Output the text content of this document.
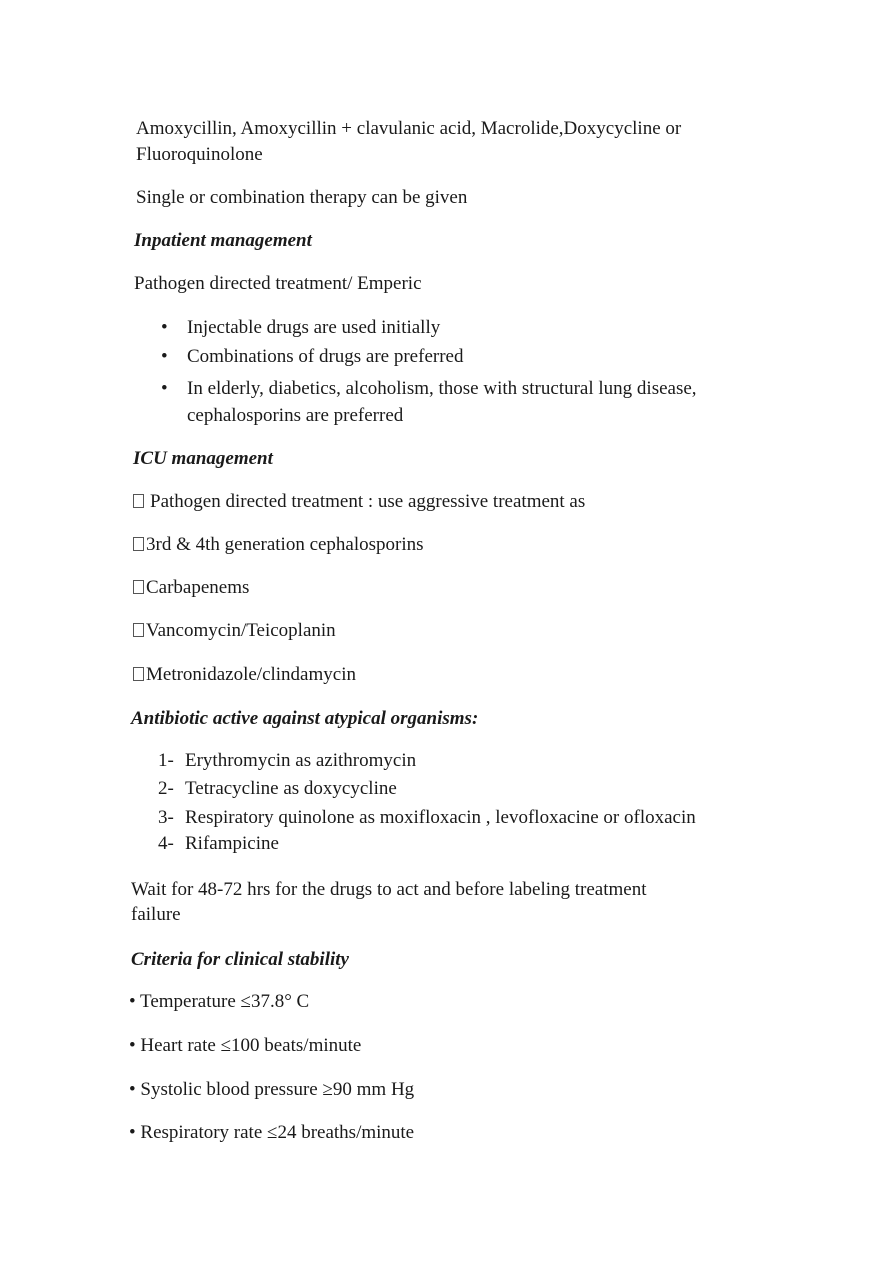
Amoxycillin, Amoxycillin + clavulanic acid, Macrolide,Doxycycline or

Fluoroquinolone

Single or combination therapy can be given

Inpatient management

Pathogen directed treatment/ Emperic

•	Injectable drugs are used initially
•	Combinations of drugs are preferred
•	In elderly, diabetics, alcoholism, those with structural lung disease,
cephalosporins are preferred

ICU management

Pathogen directed treatment : use aggressive treatment as

3rd & 4th generation cephalosporins

Carbapenems

Vancomycin/Teicoplanin

Metronidazole/clindamycin

Antibiotic active against atypical organisms:

1- Erythromycin as azithromycin
2- Tetracycline as doxycycline
3- Respiratory quinolone as moxifloxacin , levofloxacine or ofloxacin
4- Rifampicine

Wait for 48-72 hrs for the drugs to act and before labeling treatment

failure

Criteria for clinical stability

• Temperature ≤37.8° C

• Heart rate ≤100 beats/minute

• Systolic blood pressure ≥90 mm Hg

• Respiratory rate ≤24 breaths/minute
